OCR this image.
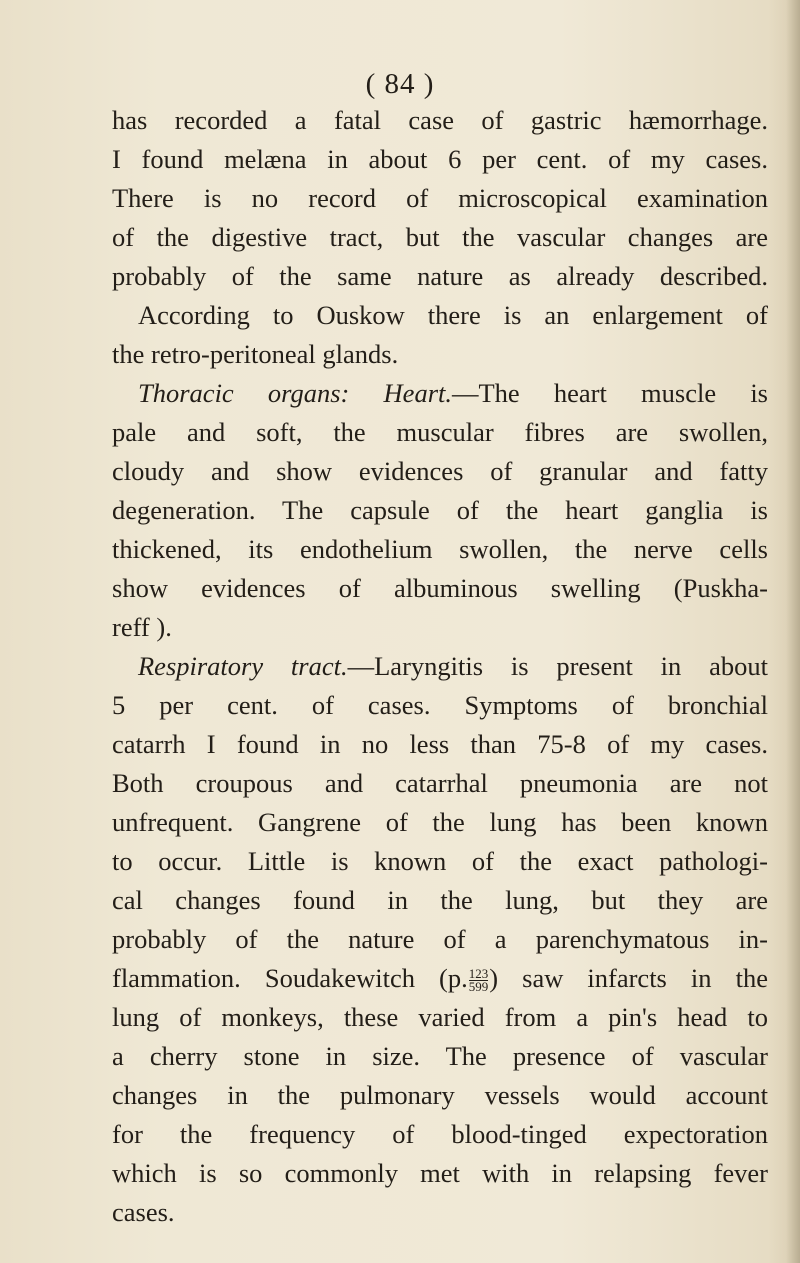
( 84 )
has recorded a fatal case of gastric hæmorrhage.
I found melæna in about 6 per cent. of my cases.
There is no record of microscopical examination
of the digestive tract, but the vascular changes are
probably of the same nature as already described.
According to Ouskow there is an enlargement of
the retro-peritoneal glands.
Thoracic organs: Heart.—The heart muscle is
pale and soft, the muscular fibres are swollen,
cloudy and show evidences of granular and fatty
degeneration. The capsule of the heart ganglia is
thickened, its endothelium swollen, the nerve cells
show evidences of albuminous swelling (Puskha-
reff ).
Respiratory tract.—Laryngitis is present in about
5 per cent. of cases. Symptoms of bronchial
catarrh I found in no less than 75-8 of my cases.
Both croupous and catarrhal pneumonia are not
unfrequent. Gangrene of the lung has been known
to occur. Little is known of the exact pathologi-
cal changes found in the lung, but they are
probably of the nature of a parenchymatous in-
flammation. Soudakewitch (p. $\frac{123}{599}$ ) saw infarcts in the
lung of monkeys, these varied from a pin's head to
a cherry stone in size. The presence of vascular
changes in the pulmonary vessels would account
for the frequency of blood-tinged expectoration
which is so commonly met with in relapsing fever
cases.
